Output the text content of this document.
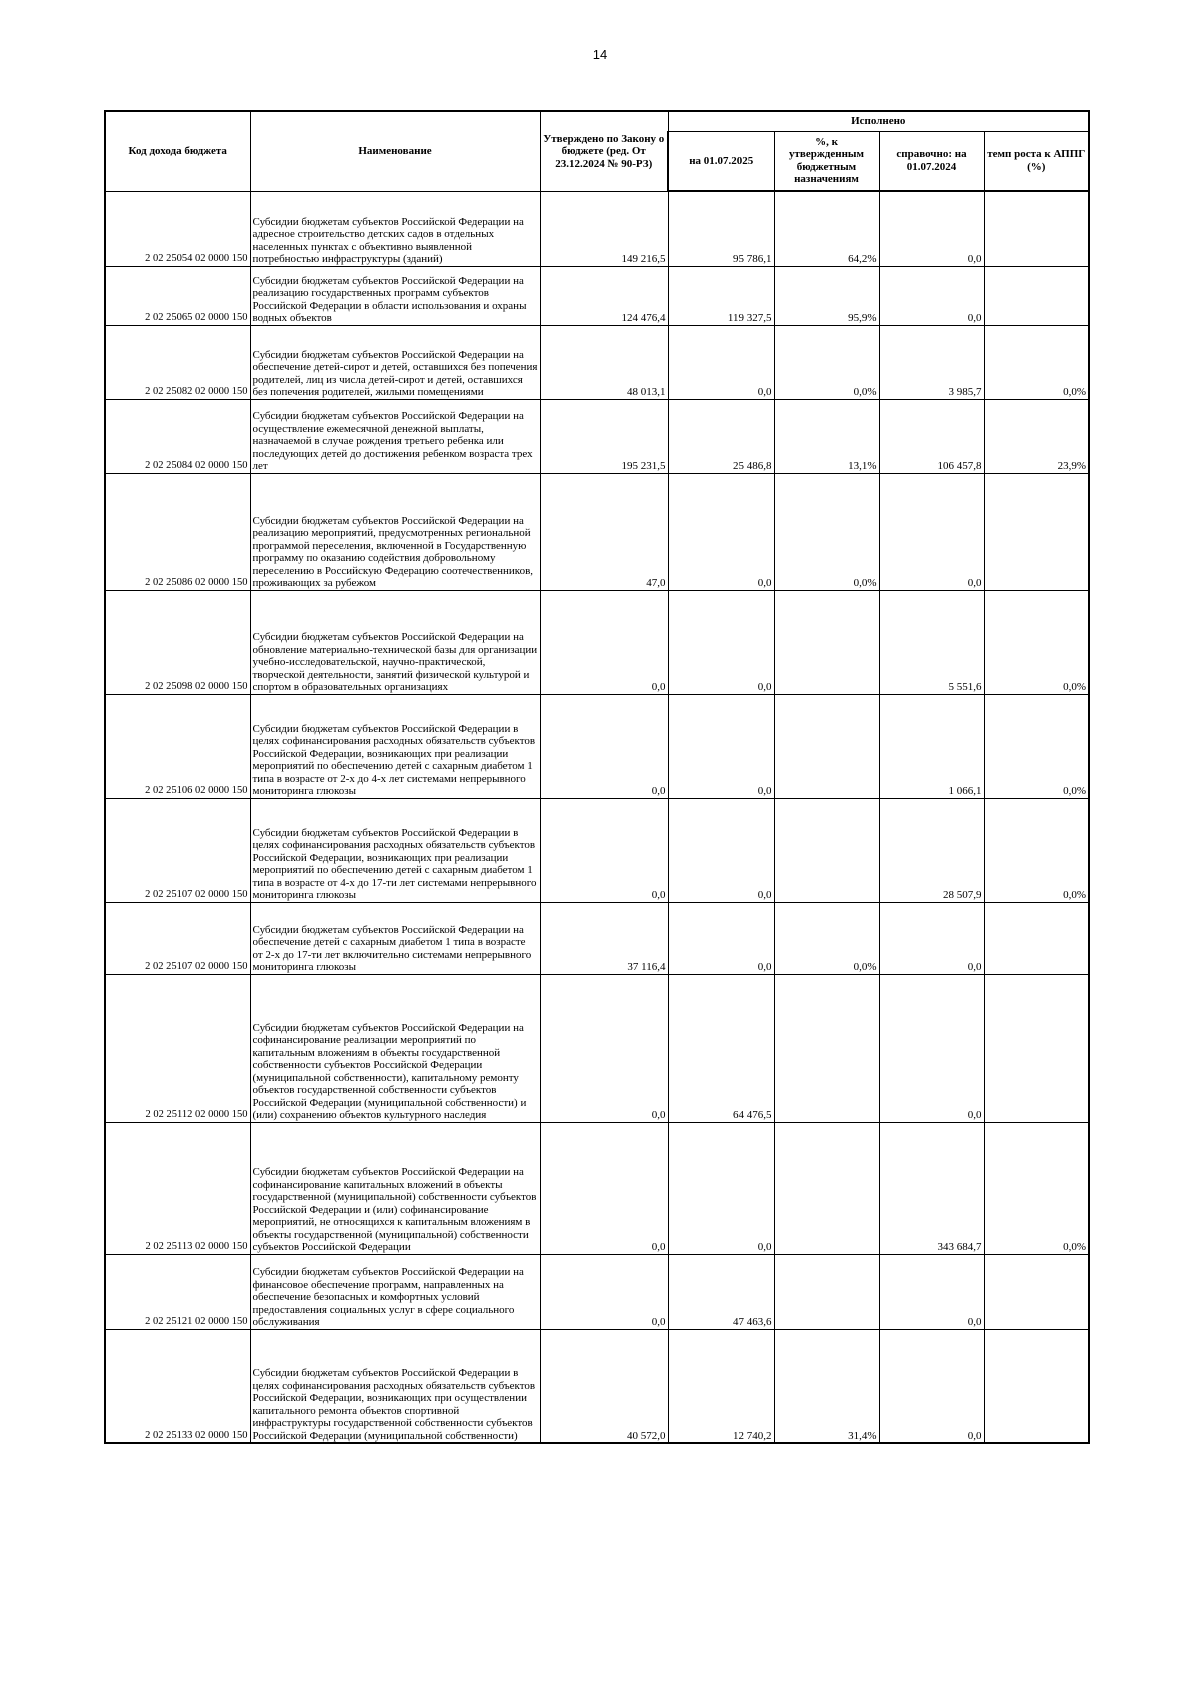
14
Код дохода бюджета	Наименование	Утверждено по Закону о бюджете (ред. От 23.12.2024 № 90-РЗ)	Исполнено			
			на 01.07.2025	%, к утвержденным бюджетным назначениям	справочно: на 01.07.2024	темп роста к АППГ (%)
2 02 25054 02 0000 150	Субсидии бюджетам субъектов Российской Федерации на адресное строительство детских садов в отдельных населенных пунктах с объективно выявленной потребностью инфраструктуры (зданий)	149 216,5	95 786,1	64,2%	0,0	
2 02 25065 02 0000 150	Субсидии бюджетам субъектов Российской Федерации на реализацию государственных программ субъектов Российской Федерации в области использования и охраны водных объектов	124 476,4	119 327,5	95,9%	0,0	
2 02 25082 02 0000 150	Субсидии бюджетам субъектов Российской Федерации на обеспечение детей-сирот и детей, оставшихся без попечения родителей, лиц из числа детей-сирот и детей, оставшихся без попечения родителей, жилыми помещениями	48 013,1	0,0	0,0%	3 985,7	0,0%
2 02 25084 02 0000 150	Субсидии бюджетам субъектов Российской Федерации на осуществление ежемесячной денежной выплаты, назначаемой в случае рождения третьего ребенка или последующих детей до достижения ребенком возраста трех лет	195 231,5	25 486,8	13,1%	106 457,8	23,9%
2 02 25086 02 0000 150	Субсидии бюджетам субъектов Российской Федерации на реализацию мероприятий, предусмотренных региональной программой переселения, включенной в Государственную программу по оказанию содействия добровольному переселению в Российскую Федерацию соотечественников, проживающих за рубежом	47,0	0,0	0,0%	0,0	
2 02 25098 02 0000 150	Субсидии бюджетам субъектов Российской Федерации на обновление материально-технической базы для организации учебно-исследовательской, научно-практической, творческой деятельности, занятий физической культурой и спортом в образовательных организациях	0,0	0,0		5 551,6	0,0%
2 02 25106 02 0000 150	Субсидии бюджетам субъектов Российской Федерации в целях софинансирования расходных обязательств субъектов Российской Федерации, возникающих при реализации мероприятий по обеспечению детей с сахарным диабетом 1 типа в возрасте от 2-х до 4-х лет системами непрерывного мониторинга глюкозы	0,0	0,0		1 066,1	0,0%
2 02 25107 02 0000 150	Субсидии бюджетам субъектов Российской Федерации в целях софинансирования расходных обязательств субъектов Российской Федерации, возникающих при реализации мероприятий по обеспечению детей с сахарным диабетом 1 типа в возрасте от 4-х до 17-ти лет системами непрерывного мониторинга глюкозы	0,0	0,0		28 507,9	0,0%
2 02 25107 02 0000 150	Субсидии бюджетам субъектов Российской Федерации на обеспечение детей с сахарным диабетом 1 типа в возрасте от 2-х до 17-ти лет включительно системами непрерывного мониторинга глюкозы	37 116,4	0,0	0,0%	0,0	
2 02 25112 02 0000 150	Субсидии бюджетам субъектов Российской Федерации на софинансирование реализации мероприятий по капитальным вложениям в объекты государственной собственности субъектов Российской Федерации (муниципальной собственности), капитальному ремонту объектов государственной собственности субъектов Российской Федерации (муниципальной собственности) и (или) сохранению объектов культурного наследия	0,0	64 476,5		0,0	
2 02 25113 02 0000 150	Субсидии бюджетам субъектов Российской Федерации на софинансирование капитальных вложений в объекты государственной (муниципальной) собственности субъектов Российской Федерации и (или) софинансирование мероприятий, не относящихся к капитальным вложениям в объекты государственной (муниципальной) собственности субъектов Российской Федерации	0,0	0,0		343 684,7	0,0%
2 02 25121 02 0000 150	Субсидии бюджетам субъектов Российской Федерации на финансовое обеспечение программ, направленных на обеспечение безопасных и комфортных условий предоставления социальных услуг в сфере социального обслуживания	0,0	47 463,6		0,0	
2 02 25133 02 0000 150	Субсидии бюджетам субъектов Российской Федерации в целях софинансирования расходных обязательств субъектов Российской Федерации, возникающих при осуществлении капитального ремонта объектов спортивной инфраструктуры государственной собственности субъектов Российской Федерации (муниципальной собственности)	40 572,0	12 740,2	31,4%	0,0	
